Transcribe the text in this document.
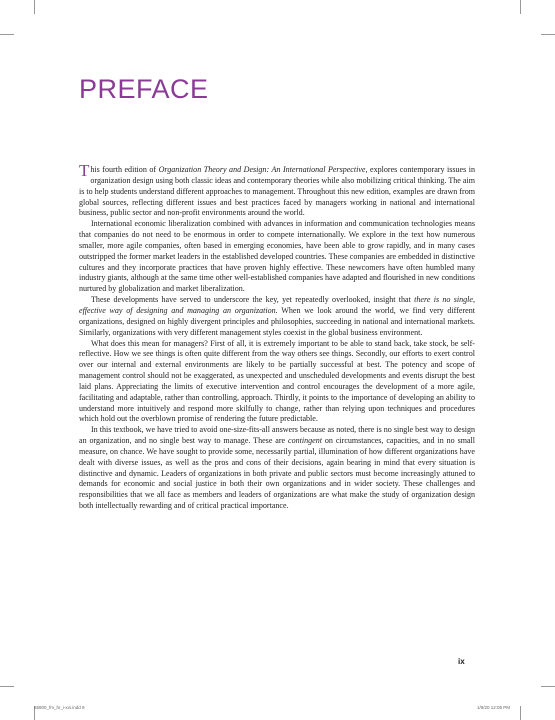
PREFACE

This fourth edition of Organization Theory and Design: An International Perspective, explores contemporary issues in organization design using both classic ideas and contemporary theories while also mobilizing critical thinking. The aim is to help students understand different approaches to management. Throughout this new edition, examples are drawn from global sources, reflecting different issues and best practices faced by managers working in national and international business, public sector and non-profit environments around the world.

International economic liberalization combined with advances in information and communication technologies means that companies do not need to be enormous in order to compete internationally. We explore in the text how numerous smaller, more agile companies, often based in emerging economies, have been able to grow rapidly, and in many cases outstripped the former market leaders in the established developed countries. These companies are embedded in distinctive cultures and they incorporate practices that have proven highly effective. These newcomers have often humbled many industry giants, although at the same time other well-established companies have adapted and flourished in new conditions nurtured by globalization and market liberalization.

These developments have served to underscore the key, yet repeatedly overlooked, insight that there is no single, effective way of designing and managing an organization. When we look around the world, we find very different organizations, designed on highly divergent principles and philosophies, succeeding in national and international markets. Similarly, organizations with very different management styles coexist in the global business environment.

What does this mean for managers? First of all, it is extremely important to be able to stand back, take stock, be self-reflective. How we see things is often quite different from the way others see things. Secondly, our efforts to exert control over our internal and external environments are likely to be partially successful at best. The potency and scope of management control should not be exaggerated, as unexpected and unscheduled developments and events disrupt the best laid plans. Appreciating the limits of executive intervention and control encourages the development of a more agile, facilitating and adaptable, rather than controlling, approach. Thirdly, it points to the importance of developing an ability to understand more intuitively and respond more skilfully to change, rather than relying upon techniques and procedures which hold out the overblown promise of rendering the future predictable.

In this textbook, we have tried to avoid one-size-fits-all answers because as noted, there is no single best way to design an organization, and no single best way to manage. These are contingent on circumstances, capacities, and in no small measure, on chance. We have sought to provide some, necessarily partial, illumination of how different organizations have dealt with diverse issues, as well as the pros and cons of their decisions, again bearing in mind that every situation is distinctive and dynamic. Leaders of organizations in both private and public sectors must become increasingly attuned to demands for economic and social justice in both their own organizations and in wider society. These challenges and responsibilities that we all face as members and leaders of organizations are what make the study of organization design both intellectually rewarding and of critical practical importance.

ix
65800_fm_hr_i-xvi.indd 9	1/9/20 12:05 PM
